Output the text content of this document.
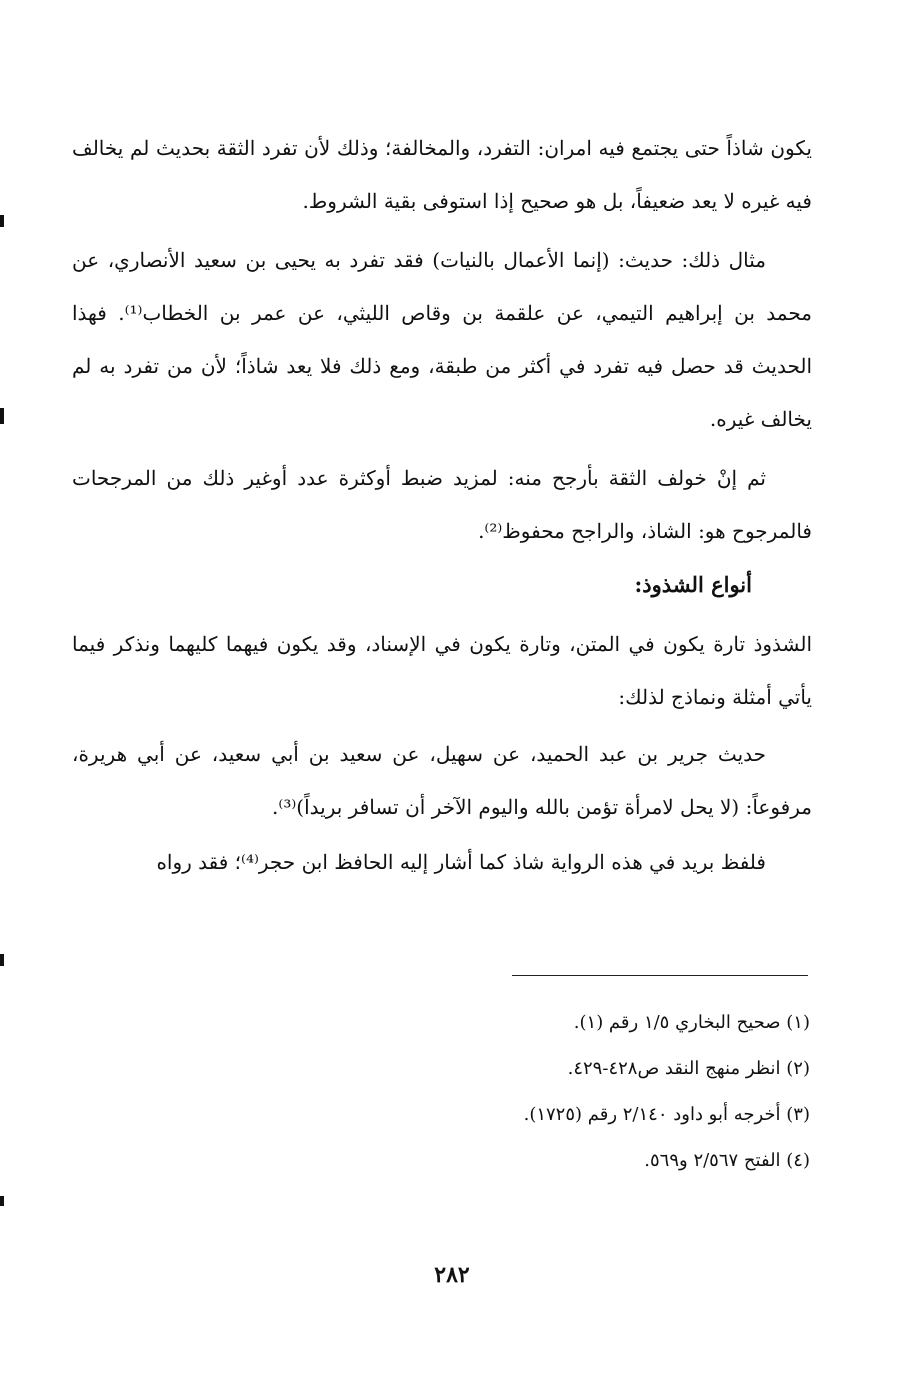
يكون شاذاً حتى يجتمع فيه امران: التفرد، والمخالفة؛ وذلك لأن تفرد الثقة بحديث لم يخالف فيه غيره لا يعد ضعيفاً، بل هو صحيح إذا استوفى بقية الشروط.

مثال ذلك: حديث: (إنما الأعمال بالنيات) فقد تفرد به يحيى بن سعيد الأنصاري، عن محمد بن إبراهيم التيمي، عن علقمة بن وقاص الليثي، عن عمر بن الخطاب⁽¹⁾. فهذا الحديث قد حصل فيه تفرد في أكثر من طبقة، ومع ذلك فلا يعد شاذاً؛ لأن من تفرد به لم يخالف غيره.

ثم إنْ خولف الثقة بأرجح منه: لمزيد ضبط أوكثرة عدد أوغير ذلك من المرجحات فالمرجوح هو: الشاذ، والراجح محفوظ⁽²⁾.

أنواع الشذوذ:

الشذوذ تارة يكون في المتن، وتارة يكون في الإسناد، وقد يكون فيهما كليهما ونذكر فيما يأتي أمثلة ونماذج لذلك:

حديث جرير بن عبد الحميد، عن سهيل، عن سعيد بن أبي سعيد، عن أبي هريرة، مرفوعاً: (لا يحل لامرأة تؤمن بالله واليوم الآخر أن تسافر بريداً)⁽³⁾.

فلفظ بريد في هذه الرواية شاذ كما أشار إليه الحافظ ابن حجر⁽⁴⁾؛ فقد رواه

(١) صحيح البخاري ١/٥ رقم (١).
(٢) انظر منهج النقد ص٤٢٨-٤٢٩.
(٣) أخرجه أبو داود ٢/١٤٠ رقم (١٧٢٥).
(٤) الفتح ٢/٥٦٧ و٥٦٩.
٢٨٢
